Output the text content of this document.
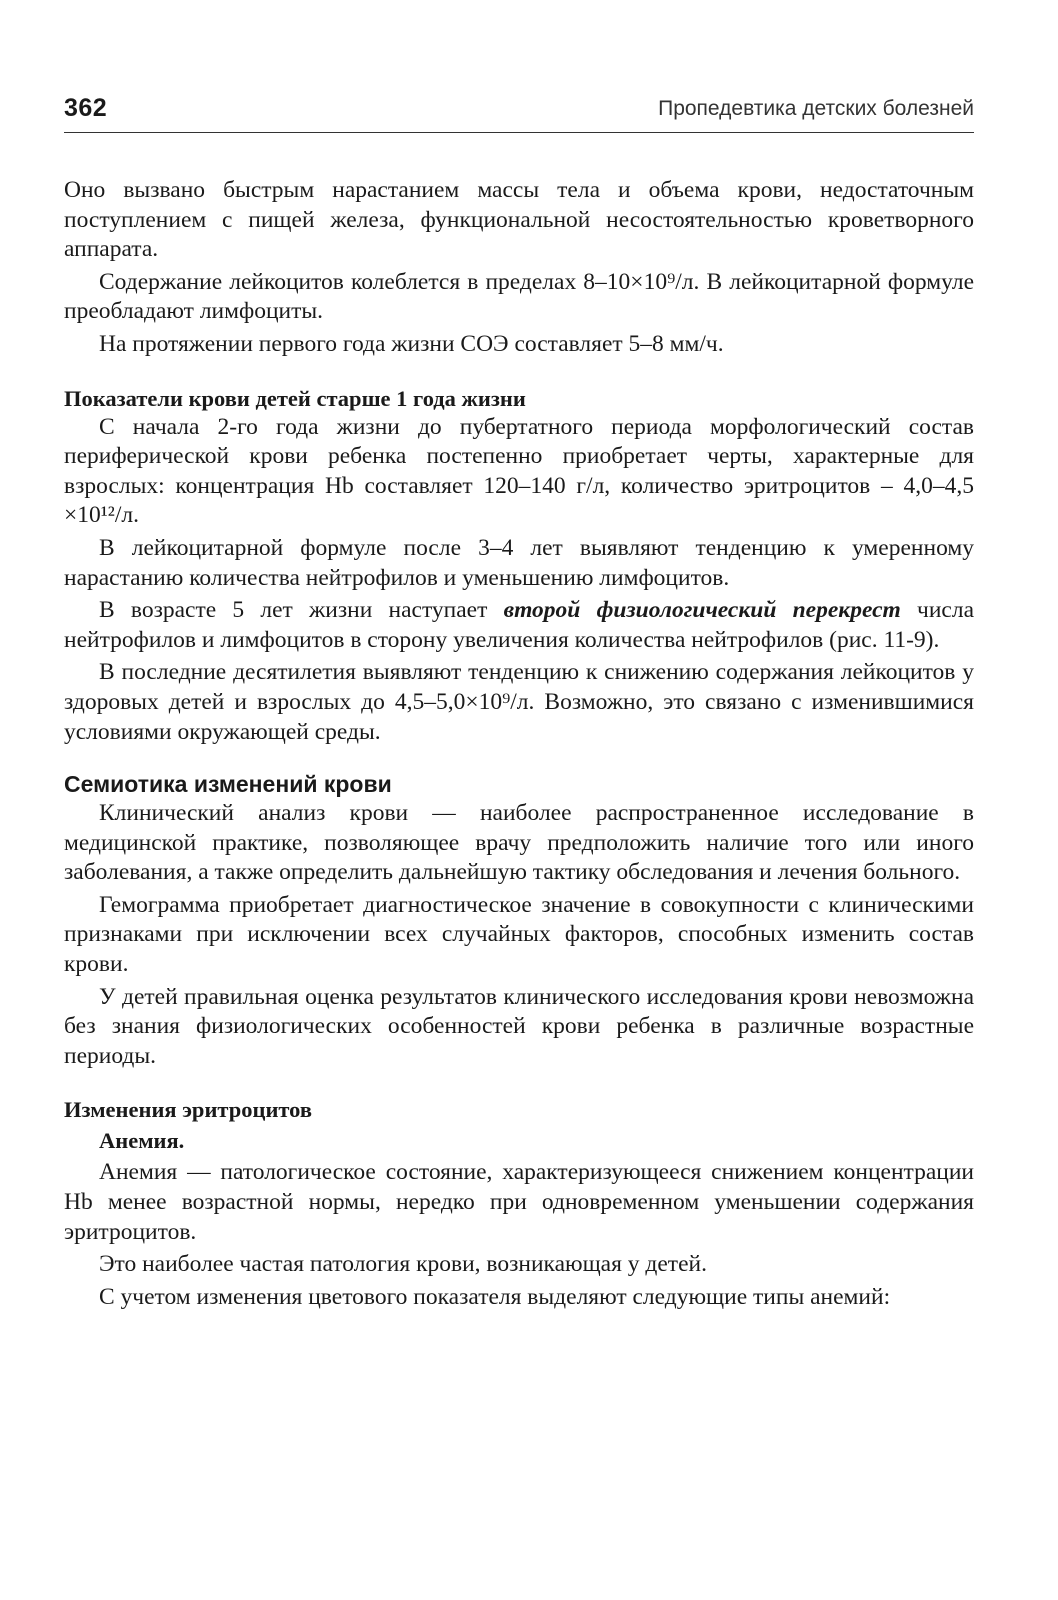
362	Пропедевтика детских болезней

Оно вызвано быстрым нарастанием массы тела и объема крови, недостаточным поступлением с пищей железа, функциональной несостоятельностью кроветворного аппарата.

Содержание лейкоцитов колеблется в пределах 8–10×10⁹/л. В лейкоцитарной формуле преобладают лимфоциты.

На протяжении первого года жизни СОЭ составляет 5–8 мм/ч.

Показатели крови детей старше 1 года жизни

С начала 2-го года жизни до пубертатного периода морфологический состав периферической крови ребенка постепенно приобретает черты, характерные для взрослых: концентрация Hb составляет 120–140 г/л, количество эритроцитов – 4,0–4,5 ×10¹²/л.

В лейкоцитарной формуле после 3–4 лет выявляют тенденцию к умеренному нарастанию количества нейтрофилов и уменьшению лимфоцитов.

В возрасте 5 лет жизни наступает второй физиологический перекрест числа нейтрофилов и лимфоцитов в сторону увеличения количества нейтрофилов (рис. 11-9).

В последние десятилетия выявляют тенденцию к снижению содержания лейкоцитов у здоровых детей и взрослых до 4,5–5,0×10⁹/л. Возможно, это связано с изменившимися условиями окружающей среды.

Семиотика изменений крови

Клинический анализ крови — наиболее распространенное исследование в медицинской практике, позволяющее врачу предположить наличие того или иного заболевания, а также определить дальнейшую тактику обследования и лечения больного.

Гемограмма приобретает диагностическое значение в совокупности с клиническими признаками при исключении всех случайных факторов, способных изменить состав крови.

У детей правильная оценка результатов клинического исследования крови невозможна без знания физиологических особенностей крови ребенка в различные возрастные периоды.

Изменения эритроцитов
Анемия.

Анемия — патологическое состояние, характеризующееся снижением концентрации Hb менее возрастной нормы, нередко при одновременном уменьшении содержания эритроцитов.

Это наиболее частая патология крови, возникающая у детей.

С учетом изменения цветового показателя выделяют следующие типы анемий:
